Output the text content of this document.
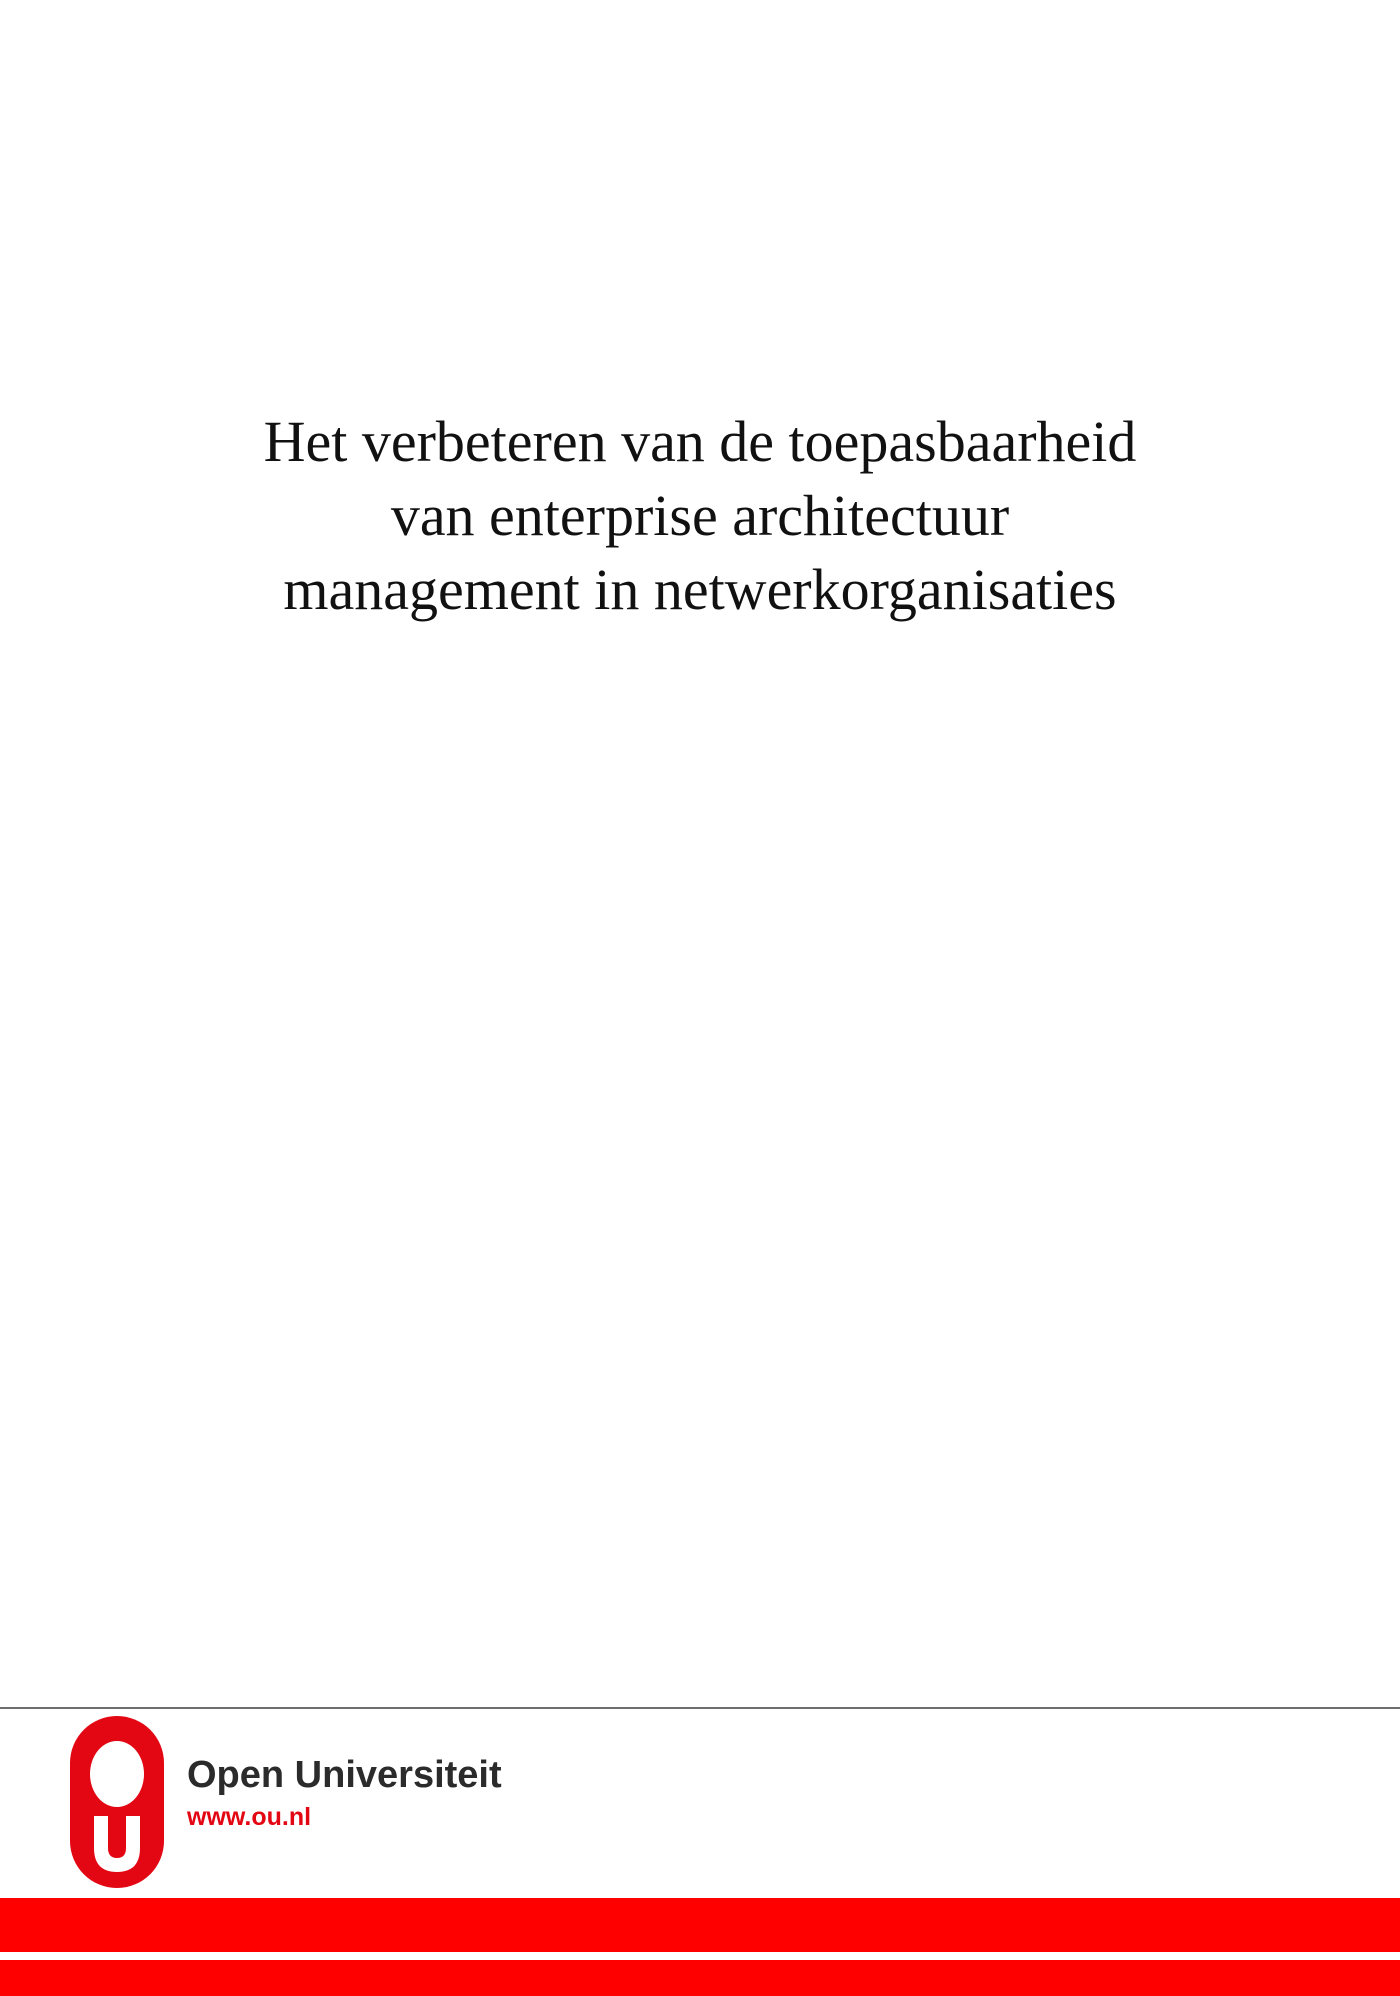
Het verbeteren van de toepasbaarheid
van enterprise architectuur
management in netwerkorganisaties
Open Universiteit
www.ou.nl
